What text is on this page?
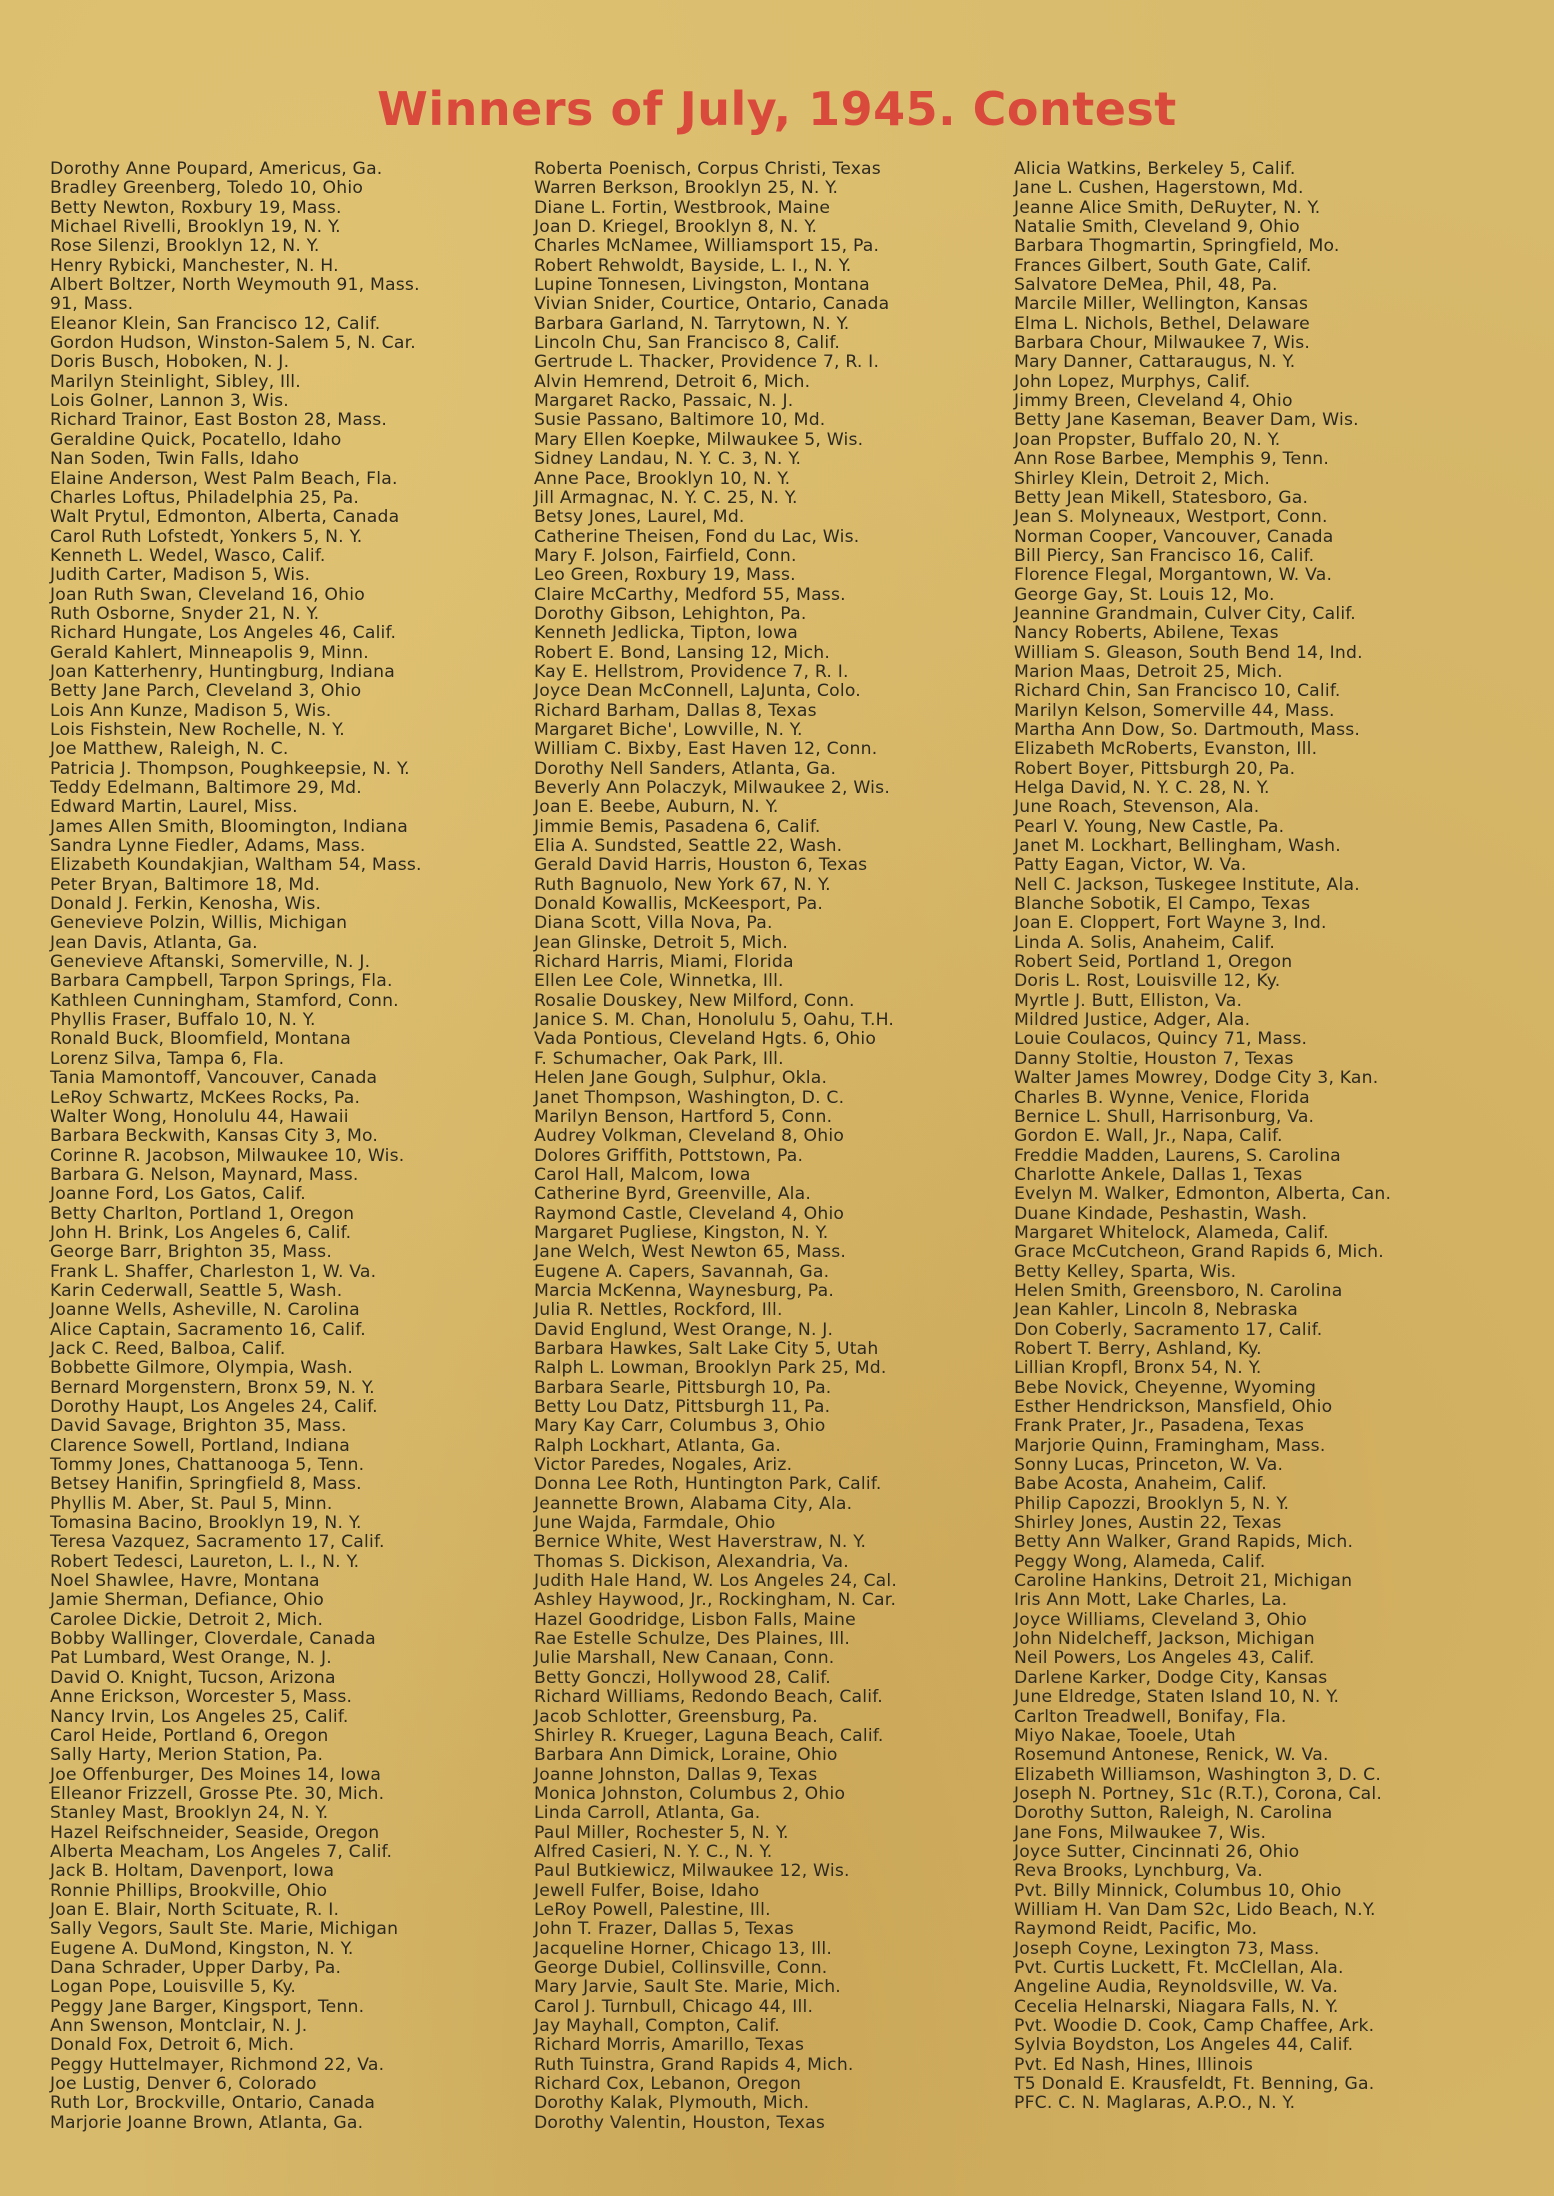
Winners of July, 1945. Contest
Dorothy Anne Poupard, Americus, Ga.
Bradley Greenberg, Toledo 10, Ohio
Betty Newton, Roxbury 19, Mass.
Michael Rivelli, Brooklyn 19, N. Y.
Rose Silenzi, Brooklyn 12, N. Y.
Henry Rybicki, Manchester, N. H.
Albert Boltzer, North Weymouth 91, Mass.
91, Mass.
Eleanor Klein, San Francisco 12, Calif.
Gordon Hudson, Winston-Salem 5, N. Car.
Doris Busch, Hoboken, N. J.
Marilyn Steinlight, Sibley, Ill.
Lois Golner, Lannon 3, Wis.
Richard Trainor, East Boston 28, Mass.
Geraldine Quick, Pocatello, Idaho
Nan Soden, Twin Falls, Idaho
Elaine Anderson, West Palm Beach, Fla.
Charles Loftus, Philadelphia 25, Pa.
Walt Prytul, Edmonton, Alberta, Canada
Carol Ruth Lofstedt, Yonkers 5, N. Y.
Kenneth L. Wedel, Wasco, Calif.
Judith Carter, Madison 5, Wis.
Joan Ruth Swan, Cleveland 16, Ohio
Ruth Osborne, Snyder 21, N. Y.
Richard Hungate, Los Angeles 46, Calif.
Gerald Kahlert, Minneapolis 9, Minn.
Joan Katterhenry, Huntingburg, Indiana
Betty Jane Parch, Cleveland 3, Ohio
Lois Ann Kunze, Madison 5, Wis.
Lois Fishstein, New Rochelle, N. Y.
Joe Matthew, Raleigh, N. C.
Patricia J. Thompson, Poughkeepsie, N. Y.
Teddy Edelmann, Baltimore 29, Md.
Edward Martin, Laurel, Miss.
James Allen Smith, Bloomington, Indiana
Sandra Lynne Fiedler, Adams, Mass.
Elizabeth Koundakjian, Waltham 54, Mass.
Peter Bryan, Baltimore 18, Md.
Donald J. Ferkin, Kenosha, Wis.
Genevieve Polzin, Willis, Michigan
Jean Davis, Atlanta, Ga.
Genevieve Aftanski, Somerville, N. J.
Barbara Campbell, Tarpon Springs, Fla.
Kathleen Cunningham, Stamford, Conn.
Phyllis Fraser, Buffalo 10, N. Y.
Ronald Buck, Bloomfield, Montana
Lorenz Silva, Tampa 6, Fla.
Tania Mamontoff, Vancouver, Canada
LeRoy Schwartz, McKees Rocks, Pa.
Walter Wong, Honolulu 44, Hawaii
Barbara Beckwith, Kansas City 3, Mo.
Corinne R. Jacobson, Milwaukee 10, Wis.
Barbara G. Nelson, Maynard, Mass.
Joanne Ford, Los Gatos, Calif.
Betty Charlton, Portland 1, Oregon
John H. Brink, Los Angeles 6, Calif.
George Barr, Brighton 35, Mass.
Frank L. Shaffer, Charleston 1, W. Va.
Karin Cederwall, Seattle 5, Wash.
Joanne Wells, Asheville, N. Carolina
Alice Captain, Sacramento 16, Calif.
Jack C. Reed, Balboa, Calif.
Bobbette Gilmore, Olympia, Wash.
Bernard Morgenstern, Bronx 59, N. Y.
Dorothy Haupt, Los Angeles 24, Calif.
David Savage, Brighton 35, Mass.
Clarence Sowell, Portland, Indiana
Tommy Jones, Chattanooga 5, Tenn.
Betsey Hanifin, Springfield 8, Mass.
Phyllis M. Aber, St. Paul 5, Minn.
Tomasina Bacino, Brooklyn 19, N. Y.
Teresa Vazquez, Sacramento 17, Calif.
Robert Tedesci, Laureton, L. I., N. Y.
Noel Shawlee, Havre, Montana
Jamie Sherman, Defiance, Ohio
Carolee Dickie, Detroit 2, Mich.
Bobby Wallinger, Cloverdale, Canada
Pat Lumbard, West Orange, N. J.
David O. Knight, Tucson, Arizona
Anne Erickson, Worcester 5, Mass.
Nancy Irvin, Los Angeles 25, Calif.
Carol Heide, Portland 6, Oregon
Sally Harty, Merion Station, Pa.
Joe Offenburger, Des Moines 14, Iowa
Elleanor Frizzell, Grosse Pte. 30, Mich.
Stanley Mast, Brooklyn 24, N. Y.
Hazel Reifschneider, Seaside, Oregon
Alberta Meacham, Los Angeles 7, Calif.
Jack B. Holtam, Davenport, Iowa
Ronnie Phillips, Brookville, Ohio
Joan E. Blair, North Scituate, R. I.
Sally Vegors, Sault Ste. Marie, Michigan
Eugene A. DuMond, Kingston, N. Y.
Dana Schrader, Upper Darby, Pa.
Logan Pope, Louisville 5, Ky.
Peggy Jane Barger, Kingsport, Tenn.
Ann Swenson, Montclair, N. J.
Donald Fox, Detroit 6, Mich.
Peggy Huttelmayer, Richmond 22, Va.
Joe Lustig, Denver 6, Colorado
Ruth Lor, Brockville, Ontario, Canada
Marjorie Joanne Brown, Atlanta, Ga.
Roberta Poenisch, Corpus Christi, Texas
Warren Berkson, Brooklyn 25, N. Y.
Diane L. Fortin, Westbrook, Maine
Joan D. Kriegel, Brooklyn 8, N. Y.
Charles McNamee, Williamsport 15, Pa.
Robert Rehwoldt, Bayside, L. I., N. Y.
Lupine Tonnesen, Livingston, Montana
Vivian Snider, Courtice, Ontario, Canada
Barbara Garland, N. Tarrytown, N. Y.
Lincoln Chu, San Francisco 8, Calif.
Gertrude L. Thacker, Providence 7, R. I.
Alvin Hemrend, Detroit 6, Mich.
Margaret Racko, Passaic, N. J.
Susie Passano, Baltimore 10, Md.
Mary Ellen Koepke, Milwaukee 5, Wis.
Sidney Landau, N. Y. C. 3, N. Y.
Anne Pace, Brooklyn 10, N. Y.
Jill Armagnac, N. Y. C. 25, N. Y.
Betsy Jones, Laurel, Md.
Catherine Theisen, Fond du Lac, Wis.
Mary F. Jolson, Fairfield, Conn.
Leo Green, Roxbury 19, Mass.
Claire McCarthy, Medford 55, Mass.
Dorothy Gibson, Lehighton, Pa.
Kenneth Jedlicka, Tipton, Iowa
Robert E. Bond, Lansing 12, Mich.
Kay E. Hellstrom, Providence 7, R. I.
Joyce Dean McConnell, LaJunta, Colo.
Richard Barham, Dallas 8, Texas
Margaret Biche', Lowville, N. Y.
William C. Bixby, East Haven 12, Conn.
Dorothy Nell Sanders, Atlanta, Ga.
Beverly Ann Polaczyk, Milwaukee 2, Wis.
Joan E. Beebe, Auburn, N. Y.
Jimmie Bemis, Pasadena 6, Calif.
Elia A. Sundsted, Seattle 22, Wash.
Gerald David Harris, Houston 6, Texas
Ruth Bagnuolo, New York 67, N. Y.
Donald Kowallis, McKeesport, Pa.
Diana Scott, Villa Nova, Pa.
Jean Glinske, Detroit 5, Mich.
Richard Harris, Miami, Florida
Ellen Lee Cole, Winnetka, Ill.
Rosalie Douskey, New Milford, Conn.
Janice S. M. Chan, Honolulu 5, Oahu, T.H.
Vada Pontious, Cleveland Hgts. 6, Ohio
F. Schumacher, Oak Park, Ill.
Helen Jane Gough, Sulphur, Okla.
Janet Thompson, Washington, D. C.
Marilyn Benson, Hartford 5, Conn.
Audrey Volkman, Cleveland 8, Ohio
Dolores Griffith, Pottstown, Pa.
Carol Hall, Malcom, Iowa
Catherine Byrd, Greenville, Ala.
Raymond Castle, Cleveland 4, Ohio
Margaret Pugliese, Kingston, N. Y.
Jane Welch, West Newton 65, Mass.
Eugene A. Capers, Savannah, Ga.
Marcia McKenna, Waynesburg, Pa.
Julia R. Nettles, Rockford, Ill.
David Englund, West Orange, N. J.
Barbara Hawkes, Salt Lake City 5, Utah
Ralph L. Lowman, Brooklyn Park 25, Md.
Barbara Searle, Pittsburgh 10, Pa.
Betty Lou Datz, Pittsburgh 11, Pa.
Mary Kay Carr, Columbus 3, Ohio
Ralph Lockhart, Atlanta, Ga.
Victor Paredes, Nogales, Ariz.
Donna Lee Roth, Huntington Park, Calif.
Jeannette Brown, Alabama City, Ala.
June Wajda, Farmdale, Ohio
Bernice White, West Haverstraw, N. Y.
Thomas S. Dickison, Alexandria, Va.
Judith Hale Hand, W. Los Angeles 24, Cal.
Ashley Haywood, Jr., Rockingham, N. Car.
Hazel Goodridge, Lisbon Falls, Maine
Rae Estelle Schulze, Des Plaines, Ill.
Julie Marshall, New Canaan, Conn.
Betty Gonczi, Hollywood 28, Calif.
Richard Williams, Redondo Beach, Calif.
Jacob Schlotter, Greensburg, Pa.
Shirley R. Krueger, Laguna Beach, Calif.
Barbara Ann Dimick, Loraine, Ohio
Joanne Johnston, Dallas 9, Texas
Monica Johnston, Columbus 2, Ohio
Linda Carroll, Atlanta, Ga.
Paul Miller, Rochester 5, N. Y.
Alfred Casieri, N. Y. C., N. Y.
Paul Butkiewicz, Milwaukee 12, Wis.
Jewell Fulfer, Boise, Idaho
LeRoy Powell, Palestine, Ill.
John T. Frazer, Dallas 5, Texas
Jacqueline Horner, Chicago 13, Ill.
George Dubiel, Collinsville, Conn.
Mary Jarvie, Sault Ste. Marie, Mich.
Carol J. Turnbull, Chicago 44, Ill.
Jay Mayhall, Compton, Calif.
Richard Morris, Amarillo, Texas
Ruth Tuinstra, Grand Rapids 4, Mich.
Richard Cox, Lebanon, Oregon
Dorothy Kalak, Plymouth, Mich.
Dorothy Valentin, Houston, Texas
Alicia Watkins, Berkeley 5, Calif.
Jane L. Cushen, Hagerstown, Md.
Jeanne Alice Smith, DeRuyter, N. Y.
Natalie Smith, Cleveland 9, Ohio
Barbara Thogmartin, Springfield, Mo.
Frances Gilbert, South Gate, Calif.
Salvatore DeMea, Phil, 48, Pa.
Marcile Miller, Wellington, Kansas
Elma L. Nichols, Bethel, Delaware
Barbara Chour, Milwaukee 7, Wis.
Mary Danner, Cattaraugus, N. Y.
John Lopez, Murphys, Calif.
Jimmy Breen, Cleveland 4, Ohio
Betty Jane Kaseman, Beaver Dam, Wis.
Joan Propster, Buffalo 20, N. Y.
Ann Rose Barbee, Memphis 9, Tenn.
Shirley Klein, Detroit 2, Mich.
Betty Jean Mikell, Statesboro, Ga.
Jean S. Molyneaux, Westport, Conn.
Norman Cooper, Vancouver, Canada
Bill Piercy, San Francisco 16, Calif.
Florence Flegal, Morgantown, W. Va.
George Gay, St. Louis 12, Mo.
Jeannine Grandmain, Culver City, Calif.
Nancy Roberts, Abilene, Texas
William S. Gleason, South Bend 14, Ind.
Marion Maas, Detroit 25, Mich.
Richard Chin, San Francisco 10, Calif.
Marilyn Kelson, Somerville 44, Mass.
Martha Ann Dow, So. Dartmouth, Mass.
Elizabeth McRoberts, Evanston, Ill.
Robert Boyer, Pittsburgh 20, Pa.
Helga David, N. Y. C. 28, N. Y.
June Roach, Stevenson, Ala.
Pearl V. Young, New Castle, Pa.
Janet M. Lockhart, Bellingham, Wash.
Patty Eagan, Victor, W. Va.
Nell C. Jackson, Tuskegee Institute, Ala.
Blanche Sobotik, El Campo, Texas
Joan E. Cloppert, Fort Wayne 3, Ind.
Linda A. Solis, Anaheim, Calif.
Robert Seid, Portland 1, Oregon
Doris L. Rost, Louisville 12, Ky.
Myrtle J. Butt, Elliston, Va.
Mildred Justice, Adger, Ala.
Louie Coulacos, Quincy 71, Mass.
Danny Stoltie, Houston 7, Texas
Walter James Mowrey, Dodge City 3, Kan.
Charles B. Wynne, Venice, Florida
Bernice L. Shull, Harrisonburg, Va.
Gordon E. Wall, Jr., Napa, Calif.
Freddie Madden, Laurens, S. Carolina
Charlotte Ankele, Dallas 1, Texas
Evelyn M. Walker, Edmonton, Alberta, Can.
Duane Kindade, Peshastin, Wash.
Margaret Whitelock, Alameda, Calif.
Grace McCutcheon, Grand Rapids 6, Mich.
Betty Kelley, Sparta, Wis.
Helen Smith, Greensboro, N. Carolina
Jean Kahler, Lincoln 8, Nebraska
Don Coberly, Sacramento 17, Calif.
Robert T. Berry, Ashland, Ky.
Lillian Kropfl, Bronx 54, N. Y.
Bebe Novick, Cheyenne, Wyoming
Esther Hendrickson, Mansfield, Ohio
Frank Prater, Jr., Pasadena, Texas
Marjorie Quinn, Framingham, Mass.
Sonny Lucas, Princeton, W. Va.
Babe Acosta, Anaheim, Calif.
Philip Capozzi, Brooklyn 5, N. Y.
Shirley Jones, Austin 22, Texas
Betty Ann Walker, Grand Rapids, Mich.
Peggy Wong, Alameda, Calif.
Caroline Hankins, Detroit 21, Michigan
Iris Ann Mott, Lake Charles, La.
Joyce Williams, Cleveland 3, Ohio
John Nidelcheff, Jackson, Michigan
Neil Powers, Los Angeles 43, Calif.
Darlene Karker, Dodge City, Kansas
June Eldredge, Staten Island 10, N. Y.
Carlton Treadwell, Bonifay, Fla.
Miyo Nakae, Tooele, Utah
Rosemund Antonese, Renick, W. Va.
Elizabeth Williamson, Washington 3, D. C.
Joseph N. Portney, S1c (R.T.), Corona, Cal.
Dorothy Sutton, Raleigh, N. Carolina
Jane Fons, Milwaukee 7, Wis.
Joyce Sutter, Cincinnati 26, Ohio
Reva Brooks, Lynchburg, Va.
Pvt. Billy Minnick, Columbus 10, Ohio
William H. Van Dam S2c, Lido Beach, N.Y.
Raymond Reidt, Pacific, Mo.
Joseph Coyne, Lexington 73, Mass.
Pvt. Curtis Luckett, Ft. McClellan, Ala.
Angeline Audia, Reynoldsville, W. Va.
Cecelia Helnarski, Niagara Falls, N. Y.
Pvt. Woodie D. Cook, Camp Chaffee, Ark.
Sylvia Boydston, Los Angeles 44, Calif.
Pvt. Ed Nash, Hines, Illinois
T5 Donald E. Krausfeldt, Ft. Benning, Ga.
PFC. C. N. Maglaras, A.P.O., N. Y.
